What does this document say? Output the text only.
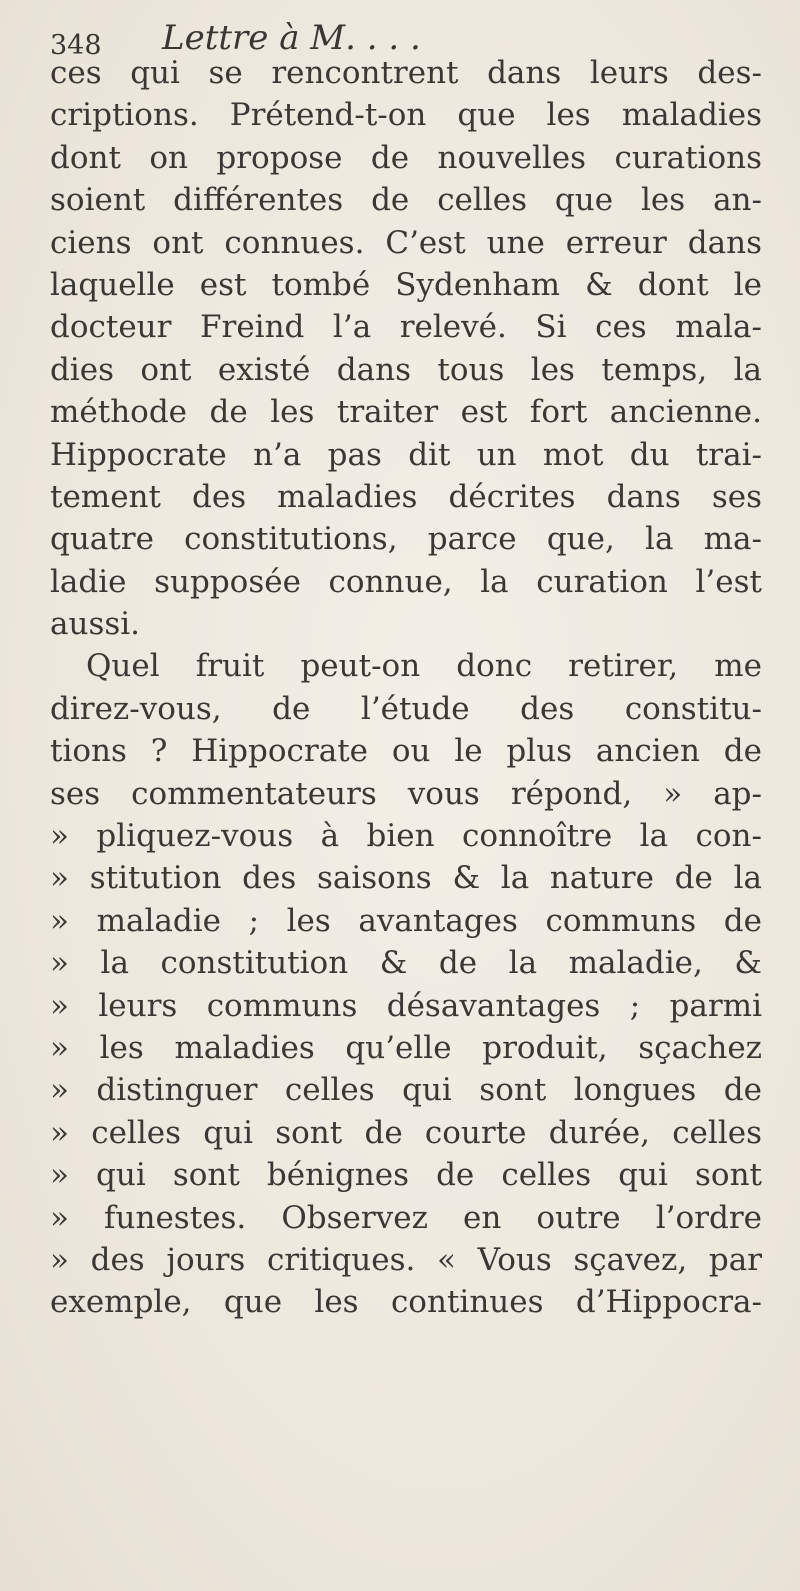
348 Lettre à M. . . .
ces qui se rencontrent dans leurs des-
criptions. Prétend-t-on que les maladies
dont on propose de nouvelles curations
soient différentes de celles que les an-
ciens ont connues. C’est une erreur dans
laquelle est tombé Sydenham & dont le
docteur Freind l’a relevé. Si ces mala-
dies ont existé dans tous les temps, la
méthode de les traiter est fort ancienne.
Hippocrate n’a pas dit un mot du trai-
tement des maladies décrites dans ses
quatre constitutions, parce que, la ma-
ladie supposée connue, la curation l’est
aussi.
Quel fruit peut-on donc retirer, me
direz-vous, de l’étude des constitu-
tions ? Hippocrate ou le plus ancien de
ses commentateurs vous répond, » ap-
» pliquez-vous à bien connoître la con-
» stitution des saisons & la nature de la
» maladie ; les avantages communs de
» la constitution & de la maladie, &
» leurs communs désavantages ; parmi
» les maladies qu’elle produit, sçachez
» distinguer celles qui sont longues de
» celles qui sont de courte durée, celles
» qui sont bénignes de celles qui sont
» funestes. Observez en outre l’ordre
» des jours critiques. « Vous sçavez, par
exemple, que les continues d’Hippocra-
